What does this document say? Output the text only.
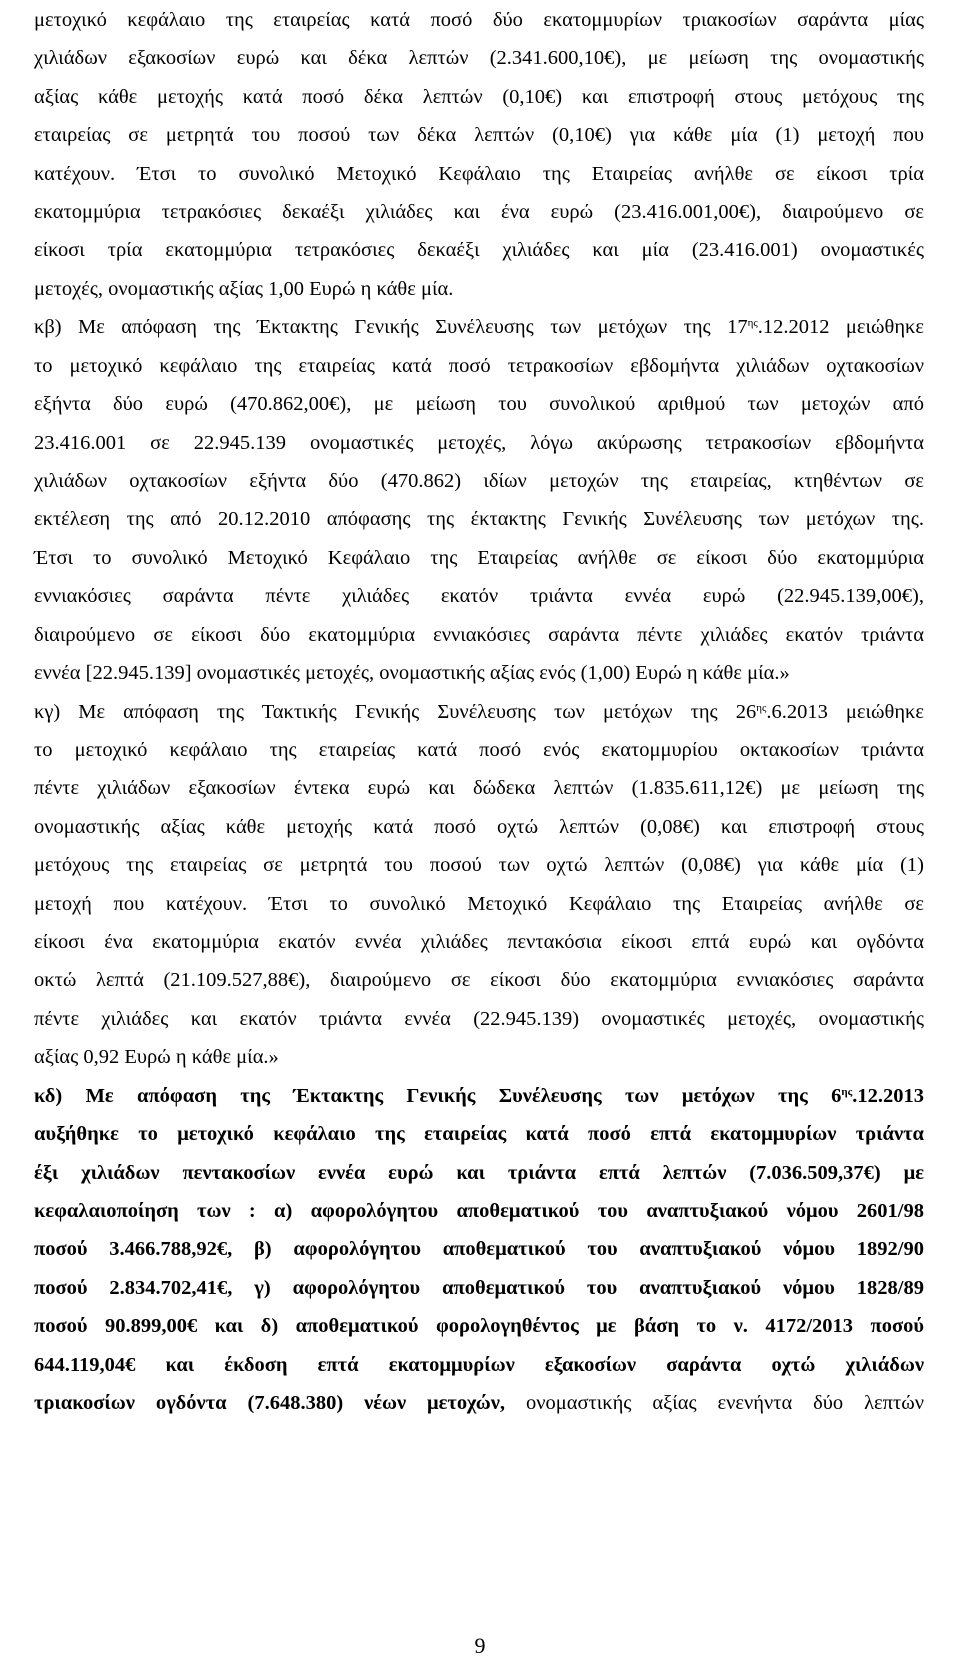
μετοχικό κεφάλαιο της εταιρείας κατά ποσό δύο εκατομμυρίων τριακοσίων σαράντα μίας
χιλιάδων εξακοσίων ευρώ και δέκα λεπτών (2.341.600,10€), με μείωση της ονομαστικής
αξίας κάθε μετοχής κατά ποσό δέκα λεπτών (0,10€) και επιστροφή στους μετόχους της
εταιρείας σε μετρητά του ποσού των δέκα λεπτών (0,10€) για κάθε μία (1) μετοχή που
κατέχουν. Έτσι το συνολικό Μετοχικό Κεφάλαιο της Εταιρείας ανήλθε σε είκοσι τρία
εκατομμύρια τετρακόσιες δεκαέξι χιλιάδες και ένα ευρώ (23.416.001,00€), διαιρούμενο σε
είκοσι τρία εκατομμύρια τετρακόσιες δεκαέξι χιλιάδες και μία (23.416.001) ονομαστικές
μετοχές, ονομαστικής αξίας 1,00 Ευρώ η κάθε μία.
κβ) Με απόφαση της Έκτακτης Γενικής Συνέλευσης των μετόχων της $17^{\eta\varsigma}.12.2012$ μειώθηκε
το μετοχικό κεφάλαιο της εταιρείας κατά ποσό τετρακοσίων εβδομήντα χιλιάδων οχτακοσίων
εξήντα δύο ευρώ (470.862,00€), με μείωση του συνολικού αριθμού των μετοχών από
23.416.001 σε 22.945.139 ονομαστικές μετοχές, λόγω ακύρωσης τετρακοσίων εβδομήντα
χιλιάδων οχτακοσίων εξήντα δύο (470.862) ιδίων μετοχών της εταιρείας, κτηθέντων σε
εκτέλεση της από 20.12.2010 απόφασης της έκτακτης Γενικής Συνέλευσης των μετόχων της.
Έτσι το συνολικό Μετοχικό Κεφάλαιο της Εταιρείας ανήλθε σε είκοσι δύο εκατομμύρια
εννιακόσιες σαράντα πέντε χιλιάδες εκατόν τριάντα εννέα ευρώ (22.945.139,00€),
διαιρούμενο σε είκοσι δύο εκατομμύρια εννιακόσιες σαράντα πέντε χιλιάδες εκατόν τριάντα
εννέα [22.945.139] ονομαστικές μετοχές, ονομαστικής αξίας ενός (1,00) Ευρώ η κάθε μία.»
κγ) Με απόφαση της Τακτικής Γενικής Συνέλευσης των μετόχων της $26^{\eta\varsigma}.6.2013$ μειώθηκε
το μετοχικό κεφάλαιο της εταιρείας κατά ποσό ενός εκατομμυρίου οκτακοσίων τριάντα
πέντε χιλιάδων εξακοσίων έντεκα ευρώ και δώδεκα λεπτών (1.835.611,12€) με μείωση της
ονομαστικής αξίας κάθε μετοχής κατά ποσό οχτώ λεπτών (0,08€) και επιστροφή στους
μετόχους της εταιρείας σε μετρητά του ποσού των οχτώ λεπτών (0,08€) για κάθε μία (1)
μετοχή που κατέχουν. Έτσι το συνολικό Μετοχικό Κεφάλαιο της Εταιρείας ανήλθε σε
είκοσι ένα εκατομμύρια εκατόν εννέα χιλιάδες πεντακόσια είκοσι επτά ευρώ και ογδόντα
οκτώ λεπτά (21.109.527,88€), διαιρούμενο σε είκοσι δύο εκατομμύρια εννιακόσιες σαράντα
πέντε χιλιάδες και εκατόν τριάντα εννέα (22.945.139) ονομαστικές μετοχές, ονομαστικής
αξίας 0,92 Ευρώ η κάθε μία.»
κδ) Με απόφαση της Έκτακτης Γενικής Συνέλευσης των μετόχων της $6^{\eta\varsigma}.12.2013$
αυξήθηκε το μετοχικό κεφάλαιο της εταιρείας κατά ποσό επτά εκατομμυρίων τριάντα
έξι χιλιάδων πεντακοσίων εννέα ευρώ και τριάντα επτά λεπτών (7.036.509,37€) με
κεφαλαιοποίηση των : α) αφορολόγητου αποθεματικού του αναπτυξιακού νόμου 2601/98
ποσού 3.466.788,92€, β) αφορολόγητου αποθεματικού του αναπτυξιακού νόμου 1892/90
ποσού 2.834.702,41€, γ) αφορολόγητου αποθεματικού του αναπτυξιακού νόμου 1828/89
ποσού 90.899,00€ και δ) αποθεματικού φορολογηθέντος με βάση το ν. 4172/2013 ποσού
644.119,04€ και έκδοση επτά εκατομμυρίων εξακοσίων σαράντα οχτώ χιλιάδων
τριακοσίων ογδόντα (7.648.380) νέων μετοχών, ονομαστικής αξίας ενενήντα δύο λεπτών
9
